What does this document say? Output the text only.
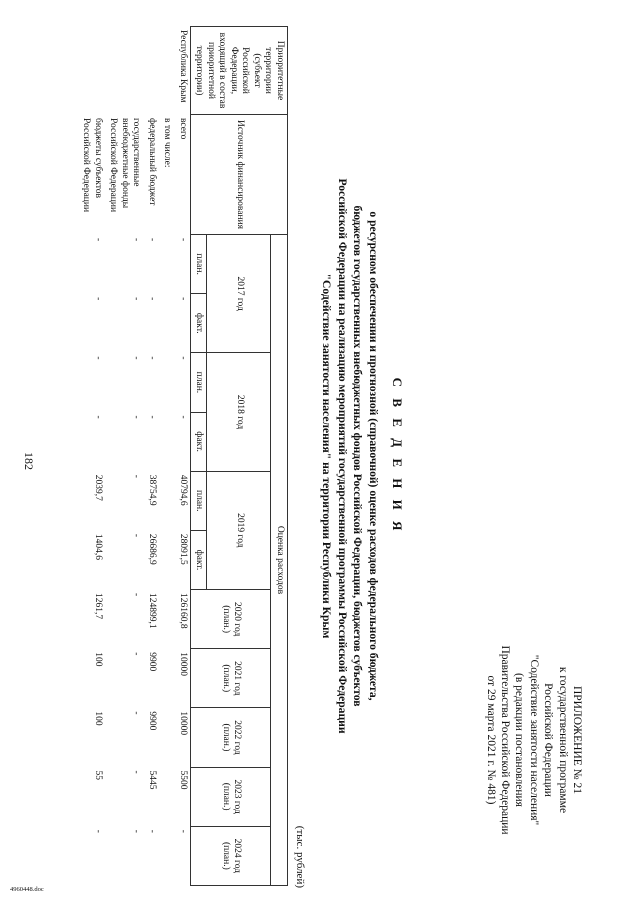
182
ПРИЛОЖЕНИЕ № 21
к государственной программе
Российской Федерации
"Содействие занятости населения"
(в редакции постановления
Правительства Российской Федерации
от 29 марта 2021 г. № 481)
С В Е Д Е Н И Я
о ресурсном обеспечении и прогнозной (справочной) оценке расходов федерального бюджета,
бюджетов государственных внебюджетных фондов Российской Федерации, бюджетов субъектов
Российской Федерации на реализацию мероприятий государственной программы Российской Федерации
"Содействие занятости населения" на территории Республики Крым
(тыс. рублей)
Приоритетные территории (субъект Российской Федерации, входящий в состав приоритетной территории)	Источник финансирования	Оценка расходов										
		2017 год		2018 год		2019 год		2020 год (план.)	2021 год (план.)	2022 год (план.)	2023 год (план.)	2024 год (план.)
		план.	факт.	план.	факт.	план.	факт.					
Республика Крым	всего	-	-	-	-	40794,6	28091,5	126160,8	10000	10000	5500	-
	в том числе:											
	федеральный бюджет	-	-	-	-	38754,9	26686,9	124899,1	9900	9900	5445	-
	государственные внебюджетные фонды Российской Федерации	-	-	-	-	-	-	-	-	-	-	-
	бюджеты субъектов Российской Федерации	-	-	-	-	2039,7	1404,6	1261,7	100	100	55	-
4960448.doc
